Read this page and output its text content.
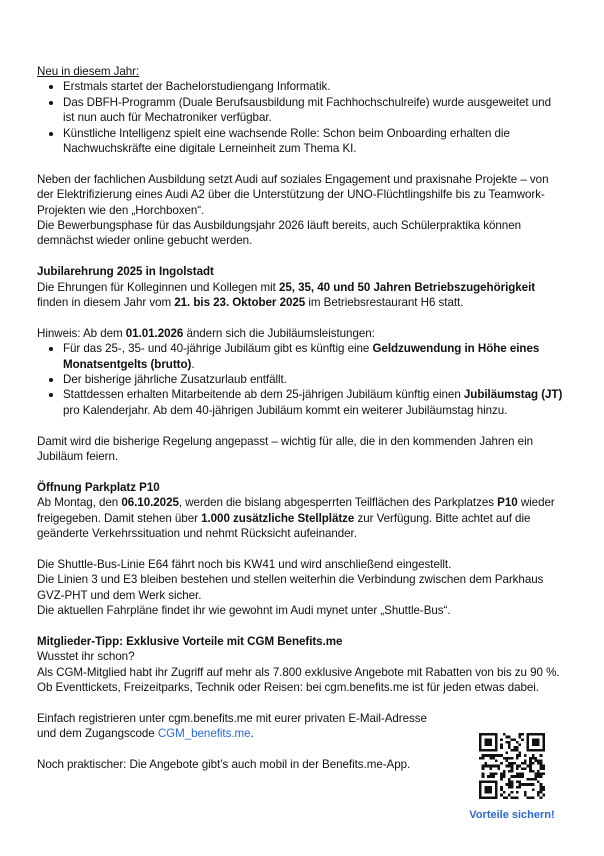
Neu in diesem Jahr:

Erstmals startet der Bachelorstudiengang Informatik.
Das DBFH-Programm (Duale Berufsausbildung mit Fachhochschulreife) wurde ausgeweitet und ist nun auch für Mechatroniker verfügbar.
Künstliche Intelligenz spielt eine wachsende Rolle: Schon beim Onboarding erhalten die Nachwuchskräfte eine digitale Lerneinheit zum Thema KI.

Neben der fachlichen Ausbildung setzt Audi auf soziales Engagement und praxisnahe Projekte – von der Elektrifizierung eines Audi A2 über die Unterstützung der UNO-Flüchtlingshilfe bis zu Teamwork-Projekten wie den „Horchboxen“.

Die Bewerbungsphase für das Ausbildungsjahr 2026 läuft bereits, auch Schülerpraktika können demnächst wieder online gebucht werden.

Jubilarehrung 2025 in Ingolstadt

Die Ehrungen für Kolleginnen und Kollegen mit 25, 35, 40 und 50 Jahren Betriebszugehörigkeit finden in diesem Jahr vom 21. bis 23. Oktober 2025 im Betriebsrestaurant H6 statt.

Hinweis: Ab dem 01.01.2026 ändern sich die Jubiläumsleistungen:

Für das 25-, 35- und 40-jährige Jubiläum gibt es künftig eine Geldzuwendung in Höhe eines Monatsentgelts (brutto).
Der bisherige jährliche Zusatzurlaub entfällt.
Stattdessen erhalten Mitarbeitende ab dem 25-jährigen Jubiläum künftig einen Jubiläumstag (JT) pro Kalenderjahr. Ab dem 40-jährigen Jubiläum kommt ein weiterer Jubiläumstag hinzu.

Damit wird die bisherige Regelung angepasst – wichtig für alle, die in den kommenden Jahren ein Jubiläum feiern.

Öffnung Parkplatz P10

Ab Montag, den 06.10.2025, werden die bislang abgesperrten Teilflächen des Parkplatzes P10 wieder freigegeben. Damit stehen über 1.000 zusätzliche Stellplätze zur Verfügung. Bitte achtet auf die geänderte Verkehrssituation und nehmt Rücksicht aufeinander.

Die Shuttle-Bus-Linie E64 fährt noch bis KW41 und wird anschließend eingestellt.

Die Linien 3 und E3 bleiben bestehen und stellen weiterhin die Verbindung zwischen dem Parkhaus GVZ-PHT und dem Werk sicher.

Die aktuellen Fahrpläne findet ihr wie gewohnt im Audi mynet unter „Shuttle-Bus“.

Mitglieder-Tipp: Exklusive Vorteile mit CGM Benefits.me

Wusstet ihr schon?

Als CGM-Mitglied habt ihr Zugriff auf mehr als 7.800 exklusive Angebote mit Rabatten von bis zu 90 %. Ob Eventtickets, Freizeitparks, Technik oder Reisen: bei cgm.benefits.me ist für jeden etwas dabei.

Einfach registrieren unter cgm.benefits.me mit eurer privaten E-Mail-Adresse und dem Zugangscode CGM_benefits.me.

Noch praktischer: Die Angebote gibt’s auch mobil in der Benefits.me-App.

Vorteile sichern!
